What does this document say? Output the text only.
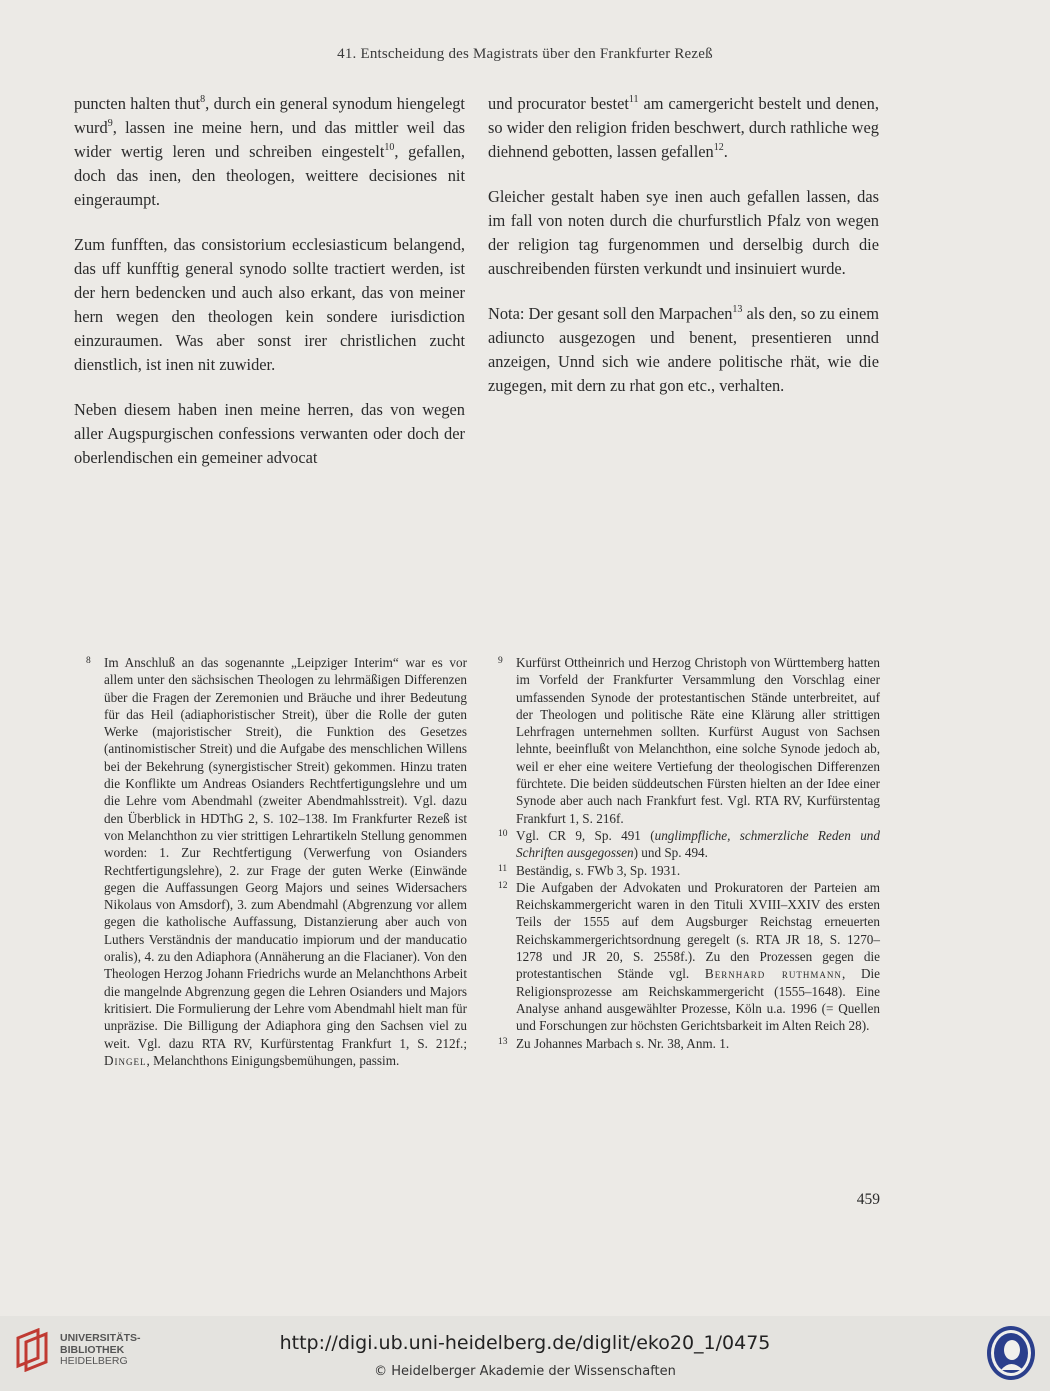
41. Entscheidung des Magistrats über den Frankfurter Rezeß

puncten halten thut$^8$, durch ein general synodum hiengelegt wurd$^9$, lassen ine meine hern, und das mittler weil das wider wertig leren und schreiben eingestelt$^{10}$, gefallen, doch das inen, den theologen, weittere decisiones nit eingeraumpt.

Zum funfften, das consistorium ecclesiasticum belangend, das uff kunfftig general synodo sollte tractiert werden, ist der hern bedencken und auch also erkant, das von meiner hern wegen den theologen kein sondere iurisdiction einzuraumen. Was aber sonst irer christlichen zucht dienstlich, ist inen nit zuwider.

Neben diesem haben inen meine herren, das von wegen aller Augspurgischen confessions verwanten oder doch der oberlendischen ein gemeiner advocat

und procurator bestet$^{11}$ am camergericht bestelt und denen, so wider den religion friden beschwert, durch rathliche weg diehnend gebotten, lassen gefallen$^{12}$.

Gleicher gestalt haben sye inen auch gefallen lassen, das im fall von noten durch die churfurstlich Pfalz von wegen der religion tag furgenommen und derselbig durch die auschreibenden fürsten verkundt und insinuiert wurde.

Nota: Der gesant soll den Marpachen$^{13}$ als den, so zu einem adiuncto ausgezogen und benent, presentieren unnd anzeigen, Unnd sich wie andere politische rhät, wie die zugegen, mit dern zu rhat gon etc., verhalten.

8 Im Anschluß an das sogenannte „Leipziger Interim“ war es vor allem unter den sächsischen Theologen zu lehrmäßigen Differenzen über die Fragen der Zeremonien und Bräuche und ihrer Bedeutung für das Heil (adiaphoristischer Streit), über die Rolle der guten Werke (majoristischer Streit), die Funktion des Gesetzes (antinomistischer Streit) und die Aufgabe des menschlichen Willens bei der Bekehrung (synergistischer Streit) gekommen. Hinzu traten die Konflikte um Andreas Osianders Rechtfertigungslehre und um die Lehre vom Abendmahl (zweiter Abendmahlsstreit). Vgl. dazu den Überblick in HDThG 2, S. 102–138. Im Frankfurter Rezeß ist von Melanchthon zu vier strittigen Lehrartikeln Stellung genommen worden: 1. Zur Rechtfertigung (Verwerfung von Osianders Rechtfertigungslehre), 2. zur Frage der guten Werke (Einwände gegen die Auffassungen Georg Majors und seines Widersachers Nikolaus von Amsdorf), 3. zum Abendmahl (Abgrenzung vor allem gegen die katholische Auffassung, Distanzierung aber auch von Luthers Verständnis der manducatio impiorum und der manducatio oralis), 4. zu den Adiaphora (Annäherung an die Flacianer). Von den Theologen Herzog Johann Friedrichs wurde an Melanchthons Arbeit die mangelnde Abgrenzung gegen die Lehren Osianders und Majors kritisiert. Die Formulierung der Lehre vom Abendmahl hielt man für unpräzise. Die Billigung der Adiaphora ging den Sachsen viel zu weit. Vgl. dazu RTA RV, Kurfürstentag Frankfurt 1, S. 212f.; Dingel, Melanchthons Einigungsbemühungen, passim.

9 Kurfürst Ottheinrich und Herzog Christoph von Württemberg hatten im Vorfeld der Frankfurter Versammlung den Vorschlag einer umfassenden Synode der protestantischen Stände unterbreitet, auf der Theologen und politische Räte eine Klärung aller strittigen Lehrfragen unternehmen sollten. Kurfürst August von Sachsen lehnte, beeinflußt von Melanchthon, eine solche Synode jedoch ab, weil er eher eine weitere Vertiefung der theologischen Differenzen fürchtete. Die beiden süddeutschen Fürsten hielten an der Idee einer Synode aber auch nach Frankfurt fest. Vgl. RTA RV, Kurfürstentag Frankfurt 1, S. 216f.

10 Vgl. CR 9, Sp. 491 (unglimpfliche, schmerzliche Reden und Schriften ausgegossen) und Sp. 494.

11 Beständig, s. FWb 3, Sp. 1931.

12 Die Aufgaben der Advokaten und Prokuratoren der Parteien am Reichskammergericht waren in den Tituli XVIII–XXIV des ersten Teils der 1555 auf dem Augsburger Reichstag erneuerten Reichskammergerichtsordnung geregelt (s. RTA JR 18, S. 1270–1278 und JR 20, S. 2558f.). Zu den Prozessen gegen die protestantischen Stände vgl. Bernhard ruthmann, Die Religionsprozesse am Reichskammergericht (1555–1648). Eine Analyse anhand ausgewählter Prozesse, Köln u.a. 1996 (= Quellen und Forschungen zur höchsten Gerichtsbarkeit im Alten Reich 28).

13 Zu Johannes Marbach s. Nr. 38, Anm. 1.

459
UNIVERSITÄTS-
BIBLIOTHEK
HEIDELBERG
http://digi.ub.uni-heidelberg.de/diglit/eko20_1/0475
© Heidelberger Akademie der Wissenschaften
